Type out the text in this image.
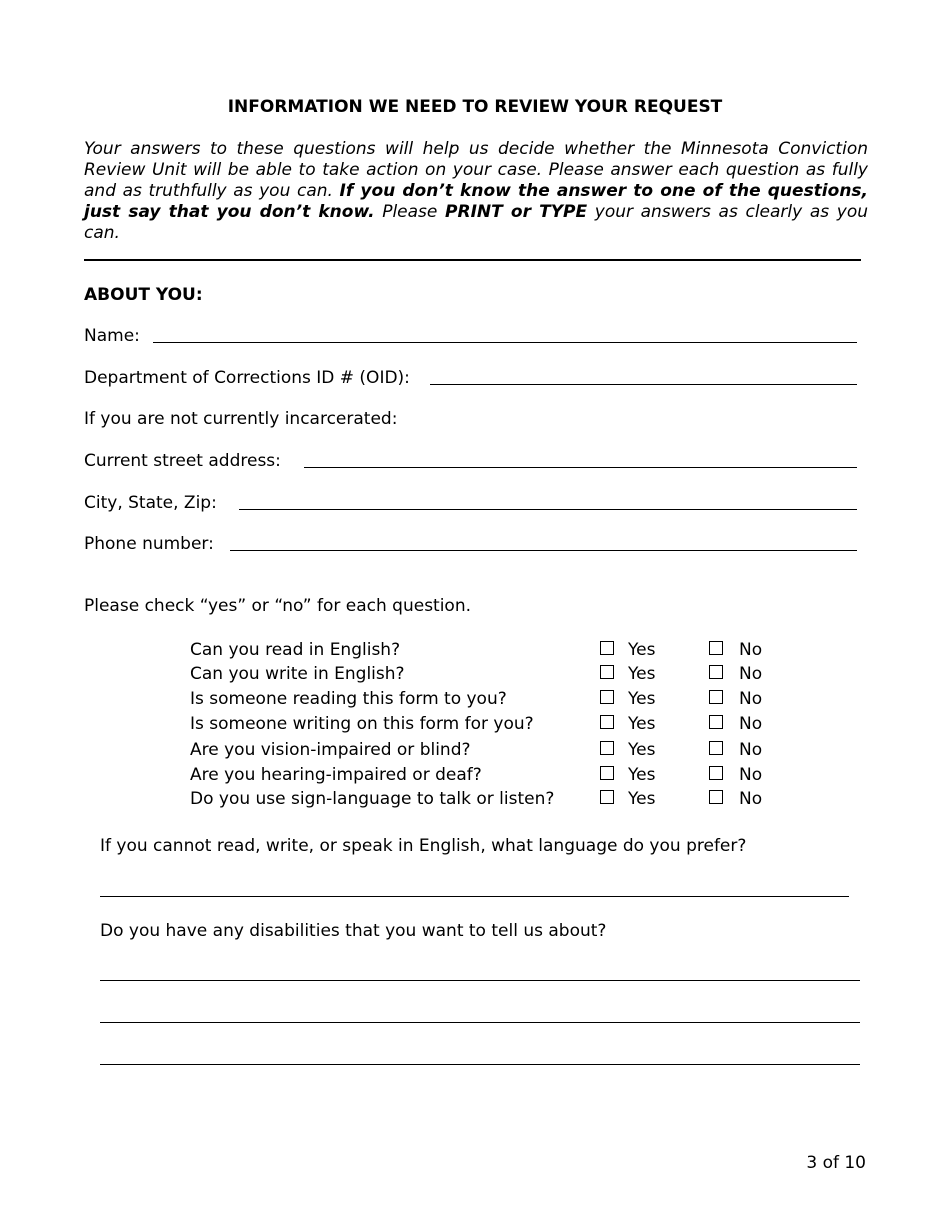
INFORMATION WE NEED TO REVIEW YOUR REQUEST
Your answers to these questions will help us decide whether the Minnesota Conviction Review Unit will be able to take action on your case. Please answer each question as fully and as truthfully as you can. If you don’t know the answer to one of the questions, just say that you don’t know. Please PRINT or TYPE your answers as clearly as you can.
ABOUT YOU:
Name:
Department of Corrections ID # (OID):
If you are not currently incarcerated:
Current street address:
City, State, Zip:
Phone number:
Please check “yes” or “no” for each question.
Can you read in English?	Yes	No
Can you write in English?	Yes	No
Is someone reading this form to you?	Yes	No
Is someone writing on this form for you?	Yes	No
Are you vision-impaired or blind?	Yes	No
Are you hearing-impaired or deaf?	Yes	No
Do you use sign-language to talk or listen?	Yes	No
If you cannot read, write, or speak in English, what language do you prefer?
Do you have any disabilities that you want to tell us about?
3 of 10
